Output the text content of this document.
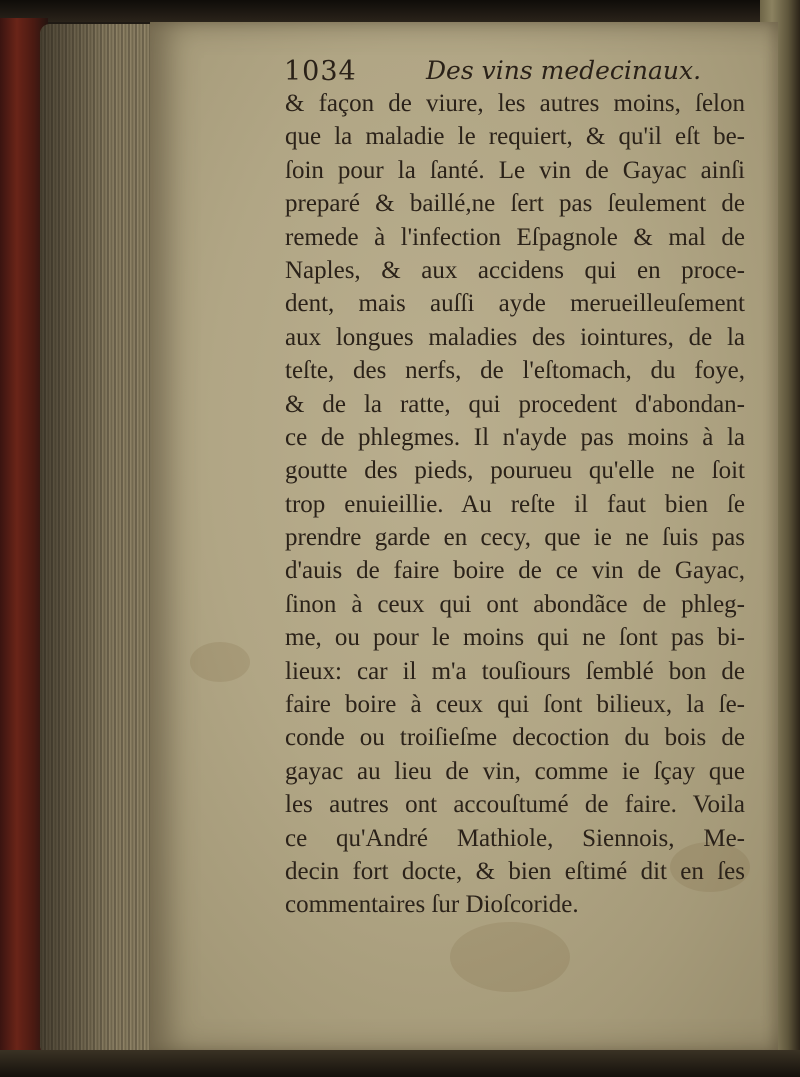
1034	Des vins medecinaux.
& façon de viure, les autres moins, ſelon
que la maladie le requiert, & qu'il eſt be-
ſoin pour la ſanté. Le vin de Gayac ainſi
preparé & baillé,ne ſert pas ſeulement de
remede à l'infection Eſpagnole & mal de
Naples, & aux accidens qui en proce-
dent, mais auſſi ayde merueilleuſement
aux longues maladies des iointures, de la
teſte, des nerfs, de l'eſtomach, du foye,
& de la ratte, qui procedent d'abondan-
ce de phlegmes. Il n'ayde pas moins à la
goutte des pieds, pourueu qu'elle ne ſoit
trop enuieillie. Au reſte il faut bien ſe
prendre garde en cecy, que ie ne ſuis pas
d'auis de faire boire de ce vin de Gayac,
ſinon à ceux qui ont abondãce de phleg-
me, ou pour le moins qui ne ſont pas bi-
lieux: car il m'a touſiours ſemblé bon de
faire boire à ceux qui ſont bilieux, la ſe-
conde ou troiſieſme decoction du bois de
gayac au lieu de vin, comme ie ſçay que
les autres ont accouſtumé de faire. Voila
ce qu'André Mathiole, Siennois, Me-
decin fort docte, & bien eſtimé dit en ſes
commentaires ſur Dioſcoride.
